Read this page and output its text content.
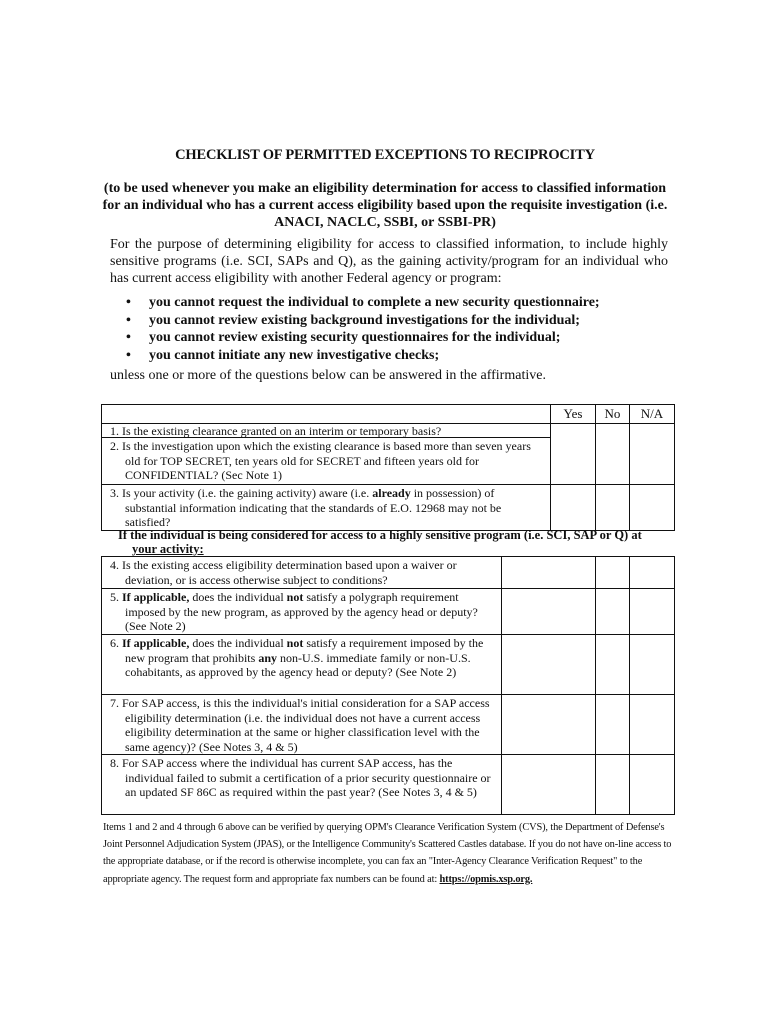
CHECKLIST OF PERMITTED EXCEPTIONS TO RECIPROCITY
(to be used whenever you make an eligibility determination for access to classified information for an individual who has a current access eligibility based upon the requisite investigation (i.e. ANACI, NACLC, SSBI, or SSBI-PR)
For the purpose of determining eligibility for access to classified information, to include highly sensitive programs (i.e. SCI, SAPs and Q), as the gaining activity/program for an individual who has current access eligibility with another Federal agency or program:
• you cannot request the individual to complete a new security questionnaire;
• you cannot review existing background investigations for the individual;
• you cannot review existing security questionnaires for the individual;
• you cannot initiate any new investigative checks;
unless one or more of the questions below can be answered in the affirmative.
	Yes	No	N/A

1. Is the existing clearance granted on an interim or temporary basis?			

2. Is the investigation upon which the existing clearance is based more than seven years old for TOP SECRET, ten years old for SECRET and fifteen years old for CONFIDENTIAL? (Sec Note 1)			

3. Is your activity (i.e. the gaining activity) aware (i.e. already in possession) of substantial information indicating that the standards of E.O. 12968 may not be satisfied?			

If the individual is being considered for access to a highly sensitive program (i.e. SCI, SAP or Q) at
your activity:
4. Is the existing access eligibility determination based upon a waiver or deviation, or is access otherwise subject to conditions?			

5. If applicable, does the individual not satisfy a polygraph requirement imposed by the new program, as approved by the agency head or deputy? (See Note 2)			

6. If applicable, does the individual not satisfy a requirement imposed by the new program that prohibits any non-U.S. immediate family or non-U.S. cohabitants, as approved by the agency head or deputy? (See Note 2)			

7. For SAP access, is this the individual's initial consideration for a SAP access eligibility determination (i.e. the individual does not have a current access eligibility determination at the same or higher classification level with the same agency)? (See Notes 3, 4 & 5)			

8. For SAP access where the individual has current SAP access, has the individual failed to submit a certification of a prior security questionnaire or an updated SF 86C as required within the past year? (See Notes 3, 4 & 5)			

Items 1 and 2 and 4 through 6 above can be verified by querying OPM's Clearance Verification System (CVS), the Department of Defense's Joint Personnel Adjudication System (JPAS), or the Intelligence Community's Scattered Castles database. If you do not have on-line access to the appropriate database, or if the record is otherwise incomplete, you can fax an "Inter-Agency Clearance Verification Request" to the appropriate agency. The request form and appropriate fax numbers can be found at: https://opmis.xsp.org.
